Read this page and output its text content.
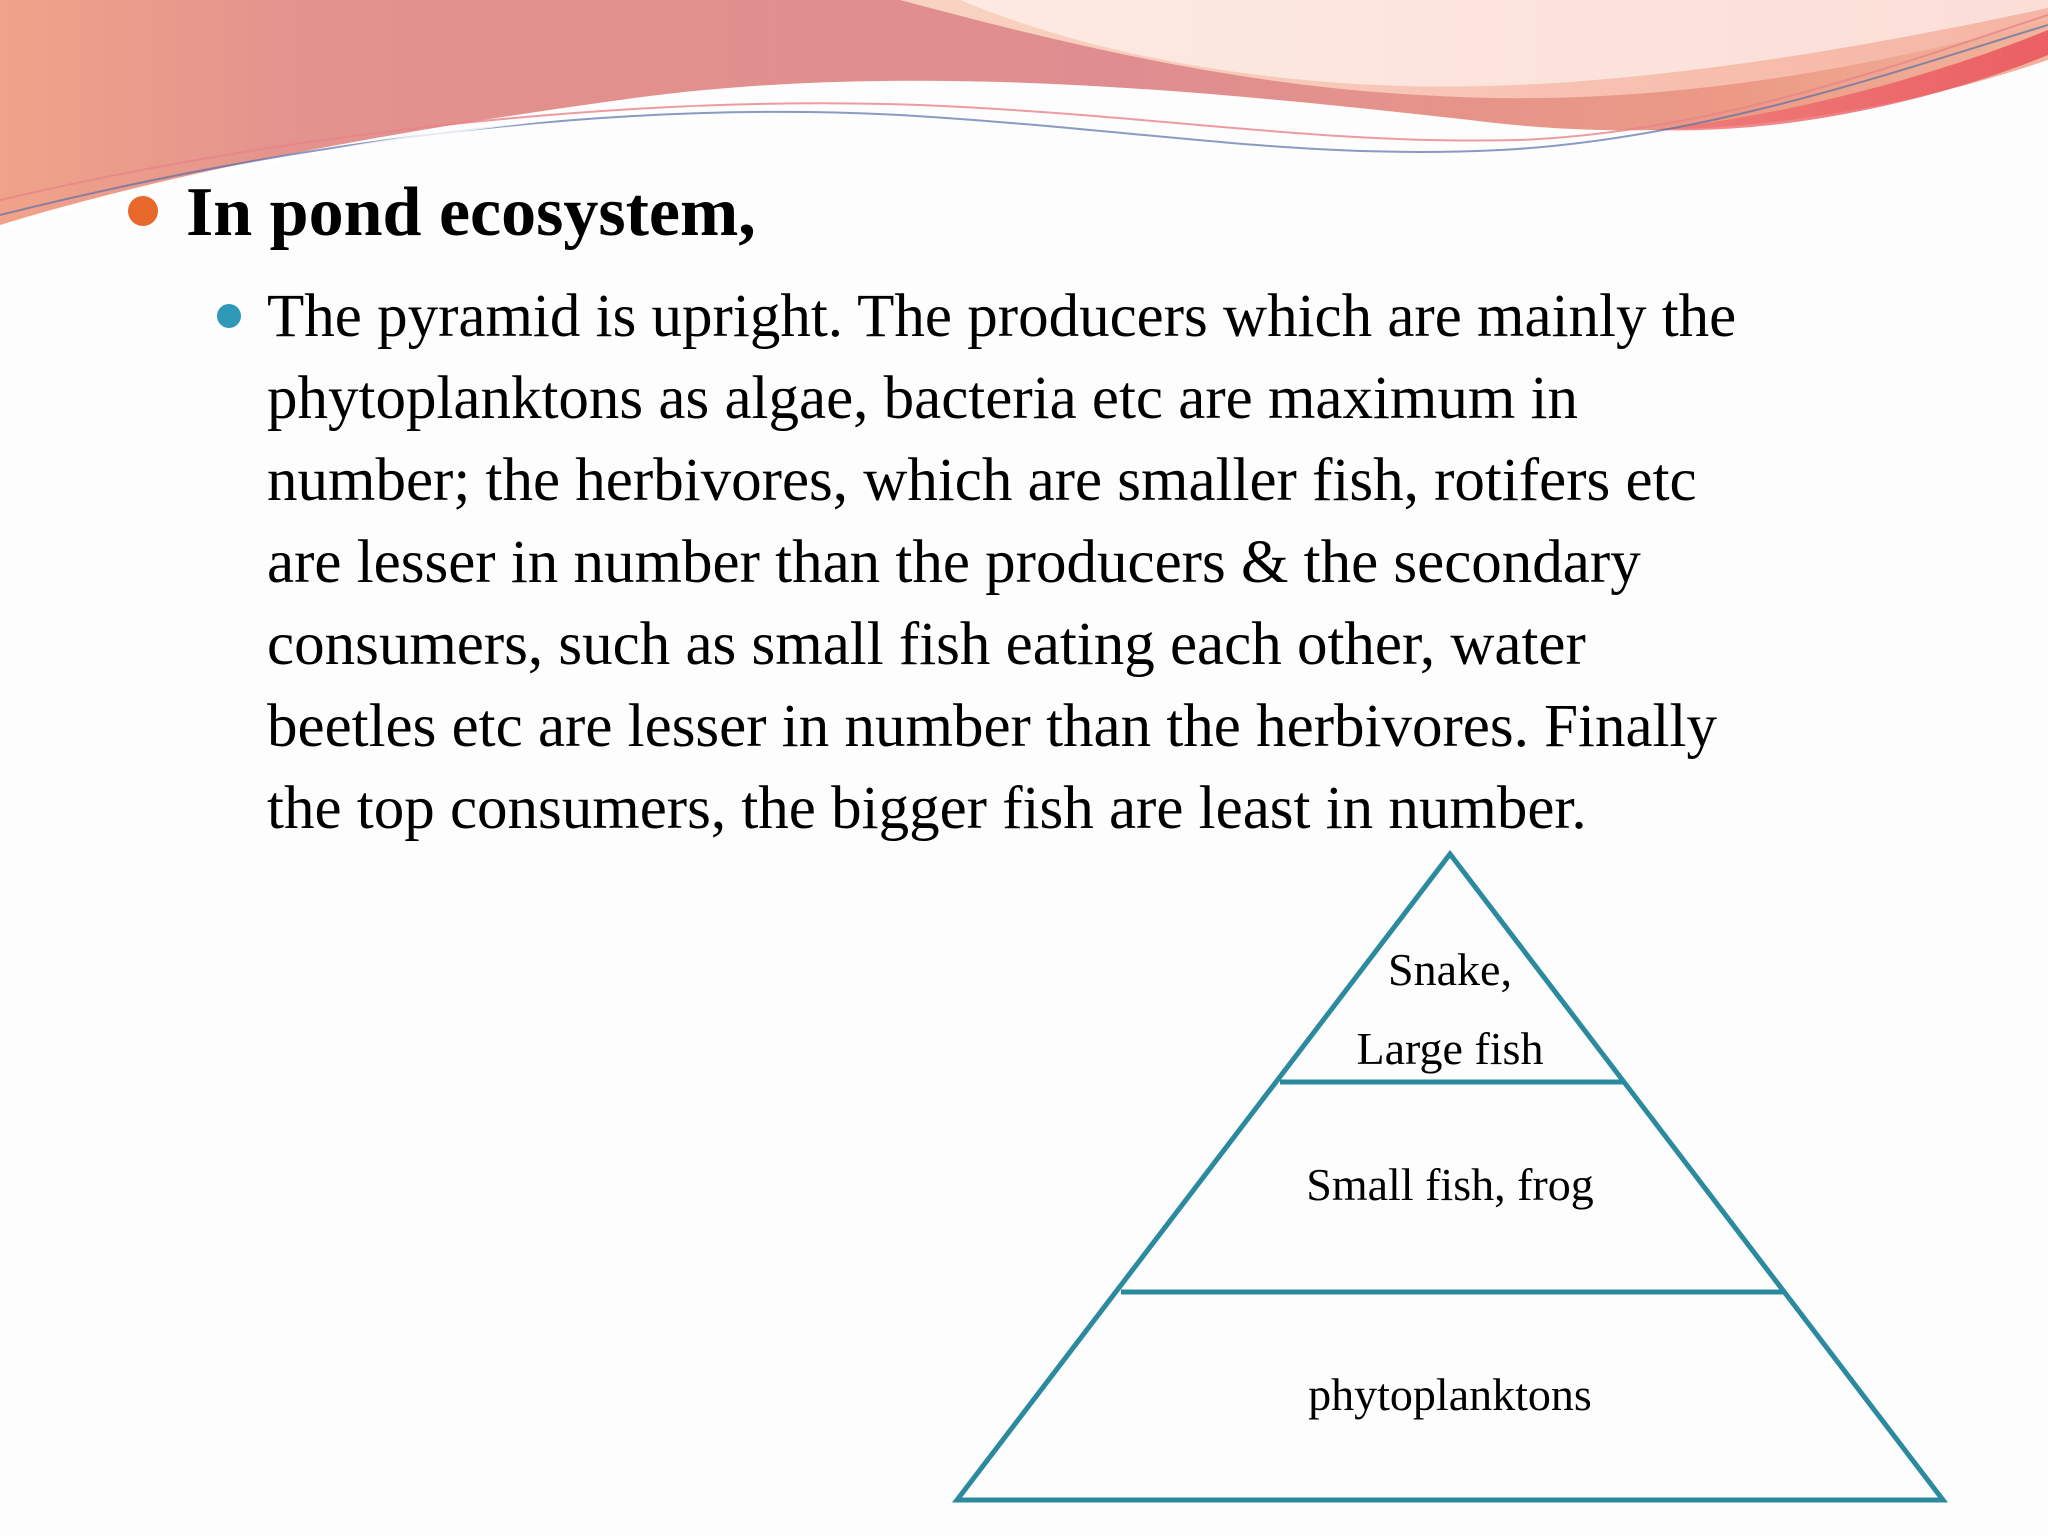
In pond ecosystem,
The pyramid is upright. The producers which are mainly the
phytoplanktons as algae, bacteria etc are maximum in
number; the herbivores, which are smaller fish, rotifers etc
are lesser in number than the producers & the secondary
consumers, such as small fish eating each other, water
beetles etc are lesser in number than the herbivores. Finally
the top consumers, the bigger fish are least in number.
Snake,
Large fish
Small fish, frog
phytoplanktons
